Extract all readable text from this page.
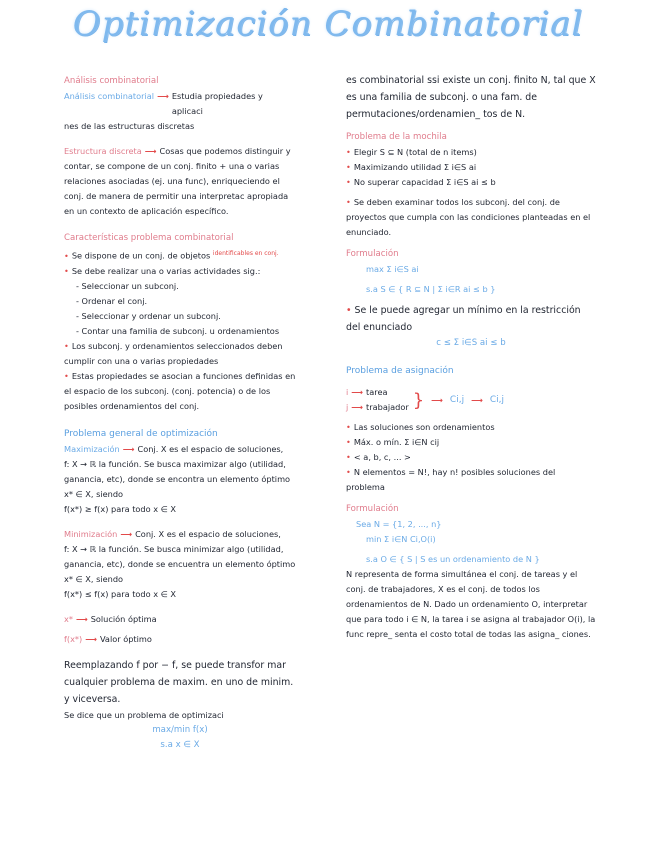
Optimización Combinatorial
Análisis combinatorial
Análisis combinatorial ⟶ Estudia propiedades y aplicaci

nes de las estructuras discretas

Estructura discreta ⟶ Cosas que podemos distinguir y

contar, se compone de un conj. finito + una o varias relaciones asociadas (ej. una func), enriqueciendo el conj. de manera de permitir una interpretac apropiada en un contexto de aplicación específico.

Características problema combinatorial
• Se dispone de un conj. de objetos $^{identificables en conj.}$
• Se debe realizar una o varias actividades sig.:
- Seleccionar un subconj.
- Ordenar el conj.
- Seleccionar y ordenar un subconj.
- Contar una familia de subconj. u ordenamientos
• Los subconj. y ordenamientos seleccionados deben cumplir con una o varias propiedades
• Estas propiedades se asocian a funciones definidas en el espacio de los subconj. (conj. potencia) o de los posibles ordenamientos del conj.
Problema general de optimización
Maximización ⟶ Conj. X es el espacio de soluciones,

f: X → ℝ la función. Se busca maximizar algo (utilidad, ganancia, etc), donde se encontra un elemento óptimo x* ∈ X, siendo

f(x*) ≥ f(x) para todo x ∈ X
Minimización ⟶ Conj. X es el espacio de soluciones,

f: X → ℝ la función. Se busca minimizar algo (utilidad, ganancia, etc), donde se encuentra un elemento óptimo x* ∈ X, siendo

f(x*) ≤ f(x) para todo x ∈ X
x* ⟶ Solución óptima
f(x*) ⟶ Valor óptimo

Reemplazando f por − f, se puede transfor mar cualquier problema de maxim. en uno de minim. y viceversa.

Se dice que un problema de optimizaci

max/min f(x)
s.a x ∈ X

es combinatorial ssi existe un conj. finito N, tal que X es una familia de subconj. o una fam. de permutaciones/ordenamien_ tos de N.

Problema de la mochila
• Elegir S ⊆ N (total de n items)
• Maximizando utilidad Σ i∈S ai
• No superar capacidad Σ i∈S ai ≤ b
• Se deben examinar todos los subconj. del conj. de proyectos que cumpla con las condiciones planteadas en el enunciado.
Formulación
max Σ i∈S ai
s.a S ∈ { R ⊆ N | Σ i∈R ai ≤ b }
• Se le puede agregar un mínimo en la restricción del enunciado
c ≤ Σ i∈S ai ≤ b
Problema de asignación
i ⟶ tarea
j ⟶ trabajador } ⟶ Ci,j ⟶ Ci,j
• Las soluciones son ordenamientos
• Máx. o mín. Σ i∈N cij
• < a, b, c, ... >
• N elementos = N!, hay n! posibles soluciones del problema
Formulación
Sea N = {1, 2, ..., n}
min Σ i∈N Ci,O(i)
s.a O ∈ { S | S es un ordenamiento de N }

N representa de forma simultánea el conj. de tareas y el conj. de trabajadores, X es el conj. de todos los ordenamientos de N. Dado un ordenamiento O, interpretar que para todo i ∈ N, la tarea i se asigna al trabajador O(i), la func repre_ senta el costo total de todas las asigna_ ciones.
